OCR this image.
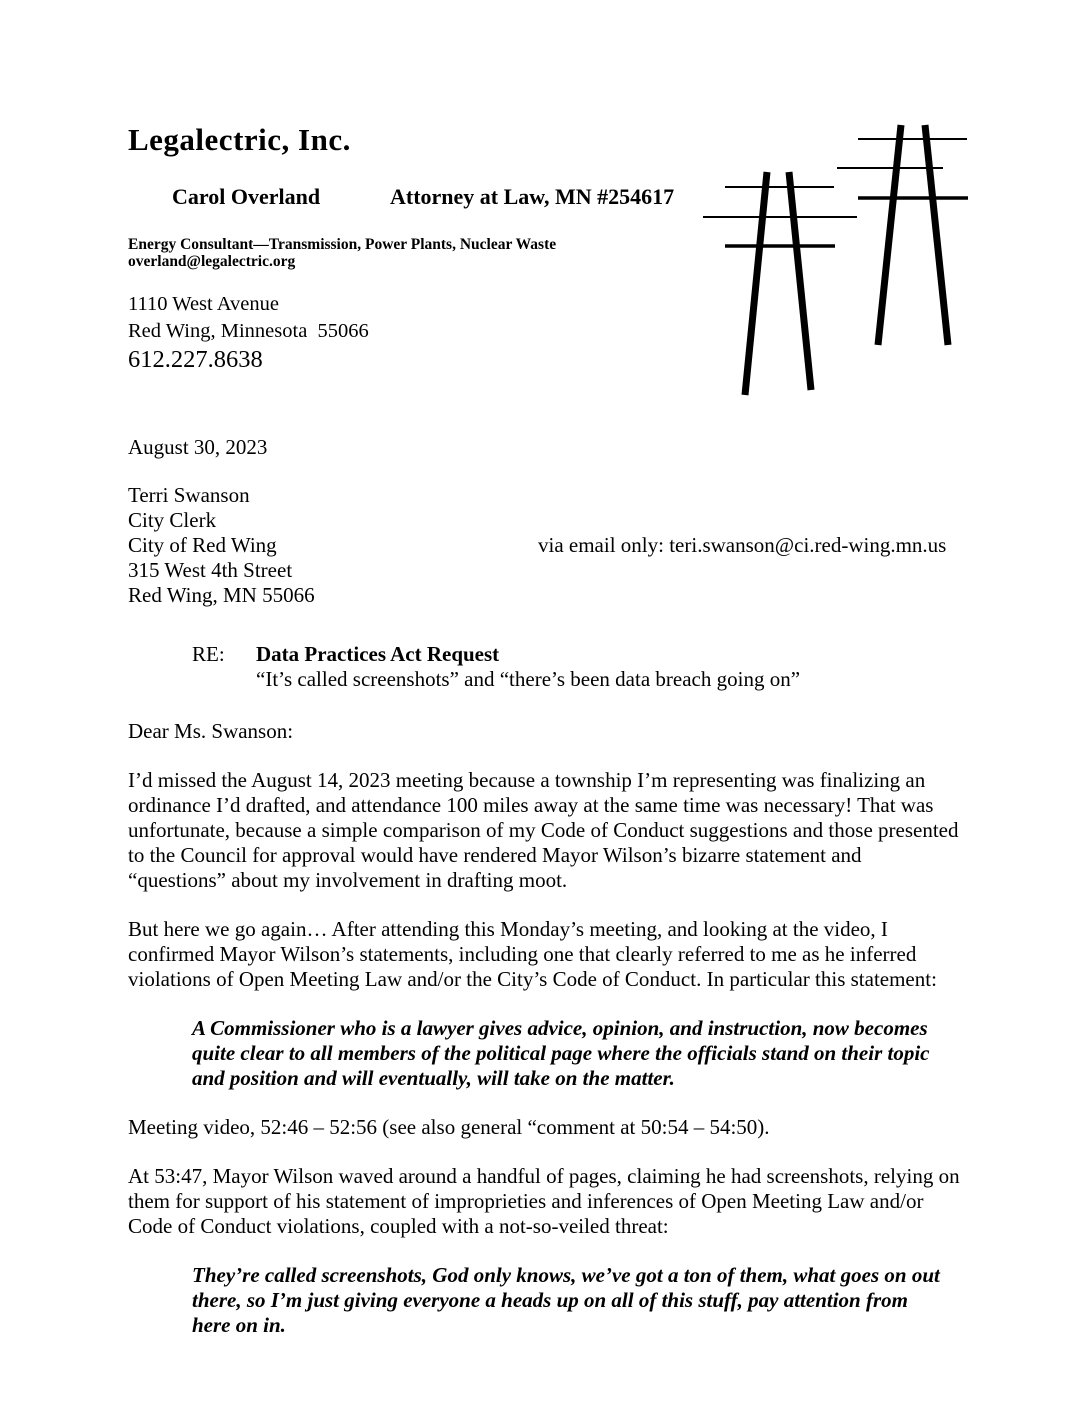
Legalectric, Inc.

Carol Overland	Attorney at Law, MN #254617

Energy Consultant—Transmission, Power Plants, Nuclear Waste
overland@legalectric.org
1110 West Avenue
Red Wing, Minnesota  55066
612.227.8638
August 30, 2023
Terri Swanson
City Clerk
City of Red Wing	via email only: teri.swanson@ci.red-wing.mn.us
315 West 4th Street
Red Wing, MN 55066
RE:	Data Practices Act Request
“It’s called screenshots” and “there’s been data breach going on”
Dear Ms. Swanson:

I’d missed the August 14, 2023 meeting because a township I’m representing was finalizing an ordinance I’d drafted, and attendance 100 miles away at the same time was necessary! That was unfortunate, because a simple comparison of my Code of Conduct suggestions and those presented to the Council for approval would have rendered Mayor Wilson’s bizarre statement and “questions” about my involvement in drafting moot.

But here we go again… After attending this Monday’s meeting, and looking at the video, I confirmed Mayor Wilson’s statements, including one that clearly referred to me as he inferred violations of Open Meeting Law and/or the City’s Code of Conduct. In particular this statement:

A Commissioner who is a lawyer gives advice, opinion, and instruction, now becomes quite clear to all members of the political page where the officials stand on their topic and position and will eventually, will take on the matter.

Meeting video, 52:46 – 52:56 (see also general “comment at 50:54 – 54:50).

At 53:47, Mayor Wilson waved around a handful of pages, claiming he had screenshots, relying on them for support of his statement of improprieties and inferences of Open Meeting Law and/or Code of Conduct violations, coupled with a not-so-veiled threat:

They’re called screenshots, God only knows, we’ve got a ton of them, what goes on out there, so I’m just giving everyone a heads up on all of this stuff, pay attention from here on in.
